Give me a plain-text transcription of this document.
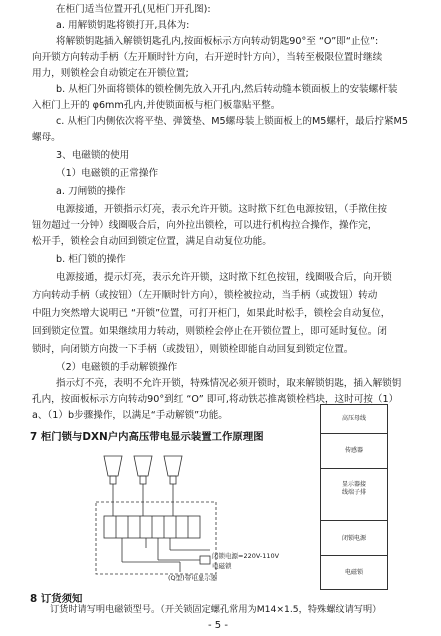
在柜门适当位置开孔(见柜门开孔图):
a. 用解锁钥匙将锁打开,具体为:
将解锁钥匙插入解锁钥匙孔内,按面板标示方向转动钥匙90°至 “O”即“止位”:
向开锁方向转动手柄（左开顺时针方向，右开逆时针方向），当转至极限位置时继续
用力，则锁栓会自动锁定在开锁位置;
b. 从柜门外面将锁体的锁栓侧先放入开孔内,然后转动缝本锁面板上的安装螺杆装
入柜门上开的 φ6mm孔内,并使锁面板与柜门板靠贴平整。
c. 从柜门内侧依次将平垫、弹簧垫、M5螺母装上锁面板上的M5螺杆，最后拧紧M5
螺母。
3、电磁锁的使用
（1）电磁锁的正常操作
a. 刀闸锁的操作
电源接通，开锁指示灯亮，表示允许开锁。这时揿下红色电源按钮，（手揿住按
钮勿超过一分钟）线圈吸合后，向外拉出锁栓，可以进行机构拉合操作，操作完，
松开手，锁栓会自动回到锁定位置，满足自动复位功能。
b. 柜门锁的操作
电源接通，提示灯亮，表示允许开锁，这时揿下红色按钮，线圈吸合后，向开锁
方向转动手柄（或按钮）（左开顺时针方向），锁栓被拉动，当手柄（或拨钮）转动
中阻力突然增大说明已 “开锁”位置，可打开柜门，如果此时松手，锁栓会自动复位，
回到锁定位置。如果继续用力转动，则锁栓会停止在开锁位置上，即可延时复位。闭
锁时，向闭锁方向拨一下手柄（或拨钮），则锁栓即能自动回复到锁定位置。
（2）电磁锁的手动解锁操作
指示灯不亮，表明不允许开锁，特殊情况必须开锁时，取来解锁钥匙，插入解锁钥
孔内，按面板标示方向转动90°到红 “O” 即可,将动铁芯推离锁栓档块，这时可按（1）
a、（1）b步骤操作，以满足“手动解锁”功能。
7 柜门锁与DXN户内高压带电显示装置工作原理图
闭锁电源=220V-110V
电磁锁
(Q型)带电显示器
高压母线
传感器
显示器接
线端子排
闭锁电源
电磁锁
8 订货须知
订货时请写明电磁锁型号。（开关锁固定螺孔常用为M14×1.5，特殊螺纹请写明）
- 5 -
